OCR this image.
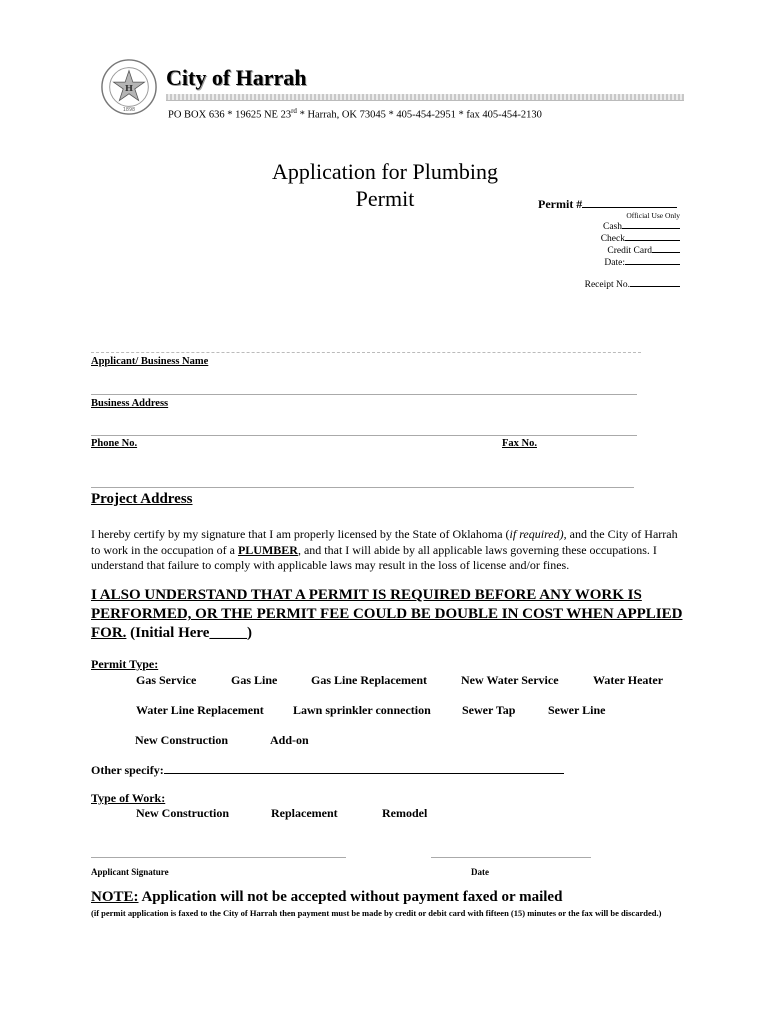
H
1898
City of Harrah
PO BOX 636 * 19625 NE 23rd * Harrah, OK 73045 * 405-454-2951 * fax 405-454-2130
Application for Plumbing
Permit	Permit #
Official Use Only
Cash
Check
Credit Card
Date:
Receipt No.
Applicant/ Business Name
Business Address
Phone No.	Fax No.
Project Address
I hereby certify by my signature that I am properly licensed by the State of Oklahoma (if required), and the City of Harrah to work in the occupation of a PLUMBER, and that I will abide by all applicable laws governing these occupations. I understand that failure to comply with applicable laws may result in the loss of license and/or fines.
I ALSO UNDERSTAND THAT A PERMIT IS REQUIRED BEFORE ANY WORK IS PERFORMED, OR THE PERMIT FEE COULD BE DOUBLE IN COST WHEN APPLIED FOR. (Initial Here_____)
Permit Type:
Gas Service	Gas Line	Gas Line Replacement	New Water Service	Water Heater
Water Line Replacement Lawn sprinkler connection	Sewer Tap	Sewer Line
New Construction	Add-on
Other specify:
Type of Work:
New Construction	Replacement	Remodel
Applicant Signature	Date
NOTE: Application will not be accepted without payment faxed or mailed
(if permit application is faxed to the City of Harrah then payment must be made by credit or debit card with fifteen (15) minutes or the fax will be discarded.)
